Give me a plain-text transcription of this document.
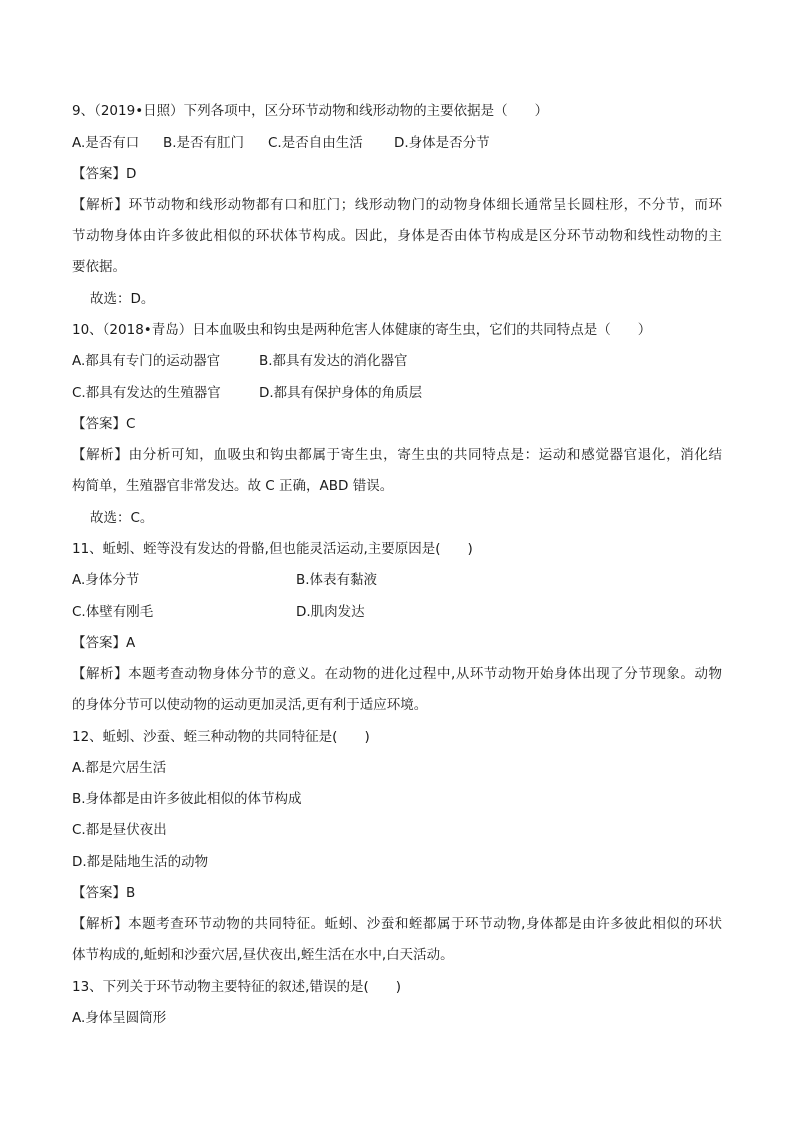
9、（2019•日照）下列各项中，区分环节动物和线形动物的主要依据是（　　）
A.是否有口 B.是否有肛门 C.是否自由生活 D.身体是否分节
【答案】D
【解析】环节动物和线形动物都有口和肛门；线形动物门的动物身体细长通常呈长圆柱形，不分节，而环
节动物身体由许多彼此相似的环状体节构成。因此，身体是否由体节构成是区分环节动物和线性动物的主
要依据。
故选：D。
10、（2018•青岛）日本血吸虫和钩虫是两种危害人体健康的寄生虫，它们的共同特点是（　　）
A.都具有专门的运动器官	B.都具有发达的消化器官
C.都具有发达的生殖器官	D.都具有保护身体的角质层
【答案】C
【解析】由分析可知，血吸虫和钩虫都属于寄生虫，寄生虫的共同特点是：运动和感觉器官退化，消化结
构简单，生殖器官非常发达。故 C 正确，ABD 错误。
故选：C。
11、蚯蚓、蛭等没有发达的骨骼,但也能灵活运动,主要原因是(　　)
A.身体分节	B.体表有黏液
C.体壁有刚毛	D.肌肉发达
【答案】A
【解析】本题考查动物身体分节的意义。在动物的进化过程中,从环节动物开始身体出现了分节现象。动物
的身体分节可以使动物的运动更加灵活,更有利于适应环境。
12、蚯蚓、沙蚕、蛭三种动物的共同特征是(　　)
A.都是穴居生活
B.身体都是由许多彼此相似的体节构成
C.都是昼伏夜出
D.都是陆地生活的动物
【答案】B
【解析】本题考查环节动物的共同特征。蚯蚓、沙蚕和蛭都属于环节动物,身体都是由许多彼此相似的环状
体节构成的,蚯蚓和沙蚕穴居,昼伏夜出,蛭生活在水中,白天活动。
13、下列关于环节动物主要特征的叙述,错误的是(　　)
A.身体呈圆筒形
